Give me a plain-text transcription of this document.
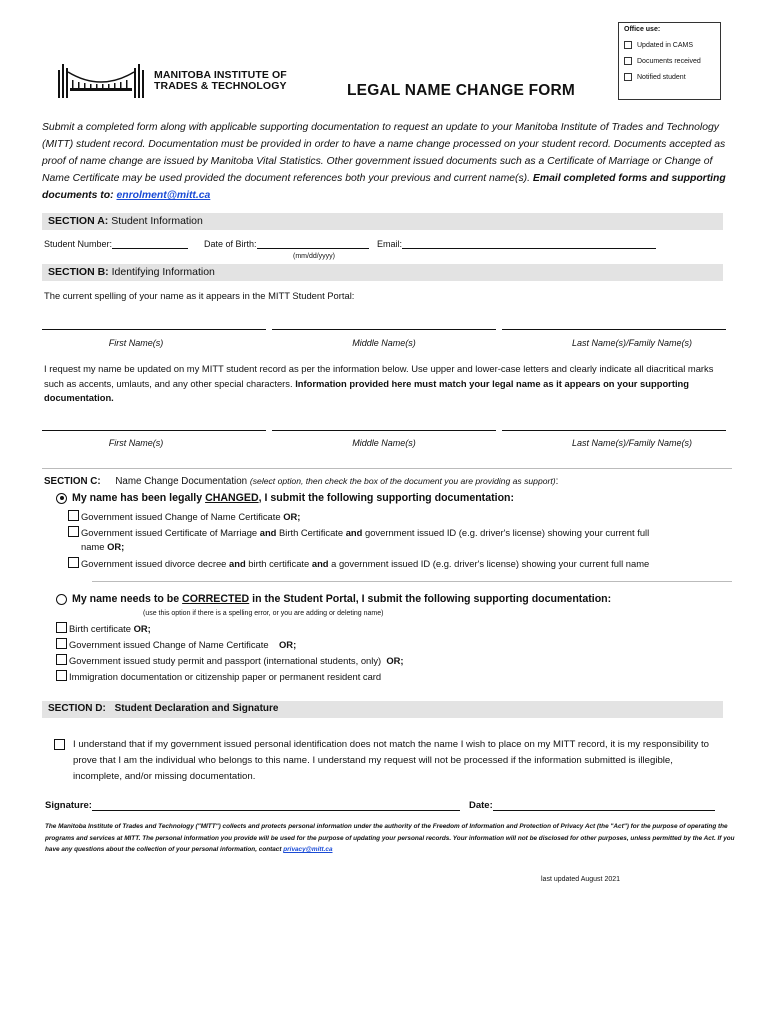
Office use:
Updated in CAMS
Documents received
Notified student
MANITOBA INSTITUTE OF
TRADES & TECHNOLOGY	LEGAL NAME CHANGE FORM
Submit a completed form along with applicable supporting documentation to request an update to your Manitoba Institute of Trades and Technology (MITT) student record. Documentation must be provided in order to have a name change processed on your student record. Documents accepted as proof of name change are issued by Manitoba Vital Statistics. Other government issued documents such as a Certificate of Marriage or Change of Name Certificate may be used provided the document references both your previous and current name(s). Email completed forms and supporting documents to: enrolment@mitt.ca
SECTION A: Student Information
Student Number:	Date of Birth:
(mm/dd/yyyy)
Email:
SECTION B: Identifying Information
The current spelling of your name as it appears in the MITT Student Portal:
First Name(s)	Middle Name(s)	Last Name(s)/Family Name(s)
I request my name be updated on my MITT student record as per the information below. Use upper and lower-case letters and clearly indicate all diacritical marks such as accents, umlauts, and any other special characters. Information provided here must match your legal name as it appears on your supporting documentation.
First Name(s)	Middle Name(s)	Last Name(s)/Family Name(s)
SECTION C: Name Change Documentation (select option, then check the box of the document you are providing as support):
My name has been legally CHANGED, I submit the following supporting documentation:
Government issued Change of Name Certificate OR;
Government issued Certificate of Marriage and Birth Certificate and government issued ID (e.g. driver's license) showing your current full
name OR;
Government issued divorce decree and birth certificate and a government issued ID (e.g. driver's license) showing your current full name
My name needs to be CORRECTED in the Student Portal, I submit the following supporting documentation:
(use this option if there is a spelling error, or you are adding or deleting name)
Birth certificate OR;
Government issued Change of Name Certificate OR;
Government issued study permit and passport (international students, only) OR;
Immigration documentation or citizenship paper or permanent resident card
SECTION D: Student Declaration and Signature
I understand that if my government issued personal identification does not match the name I wish to place on my MITT record, it is my responsibility to prove that I am the individual who belongs to this name. I understand my request will not be processed if the information submitted is illegible, incomplete, and/or missing documentation.
Signature:	Date:
The Manitoba Institute of Trades and Technology ("MITT") collects and protects personal information under the authority of the Freedom of Information and Protection of Privacy Act (the "Act") for the purpose of operating the programs and services at MITT. The personal information you provide will be used for the purpose of updating your personal records. Your information will not be disclosed for other purposes, unless permitted by the Act. If you have any questions about the collection of your personal information, contact privacy@mitt.ca
last updated August 2021
